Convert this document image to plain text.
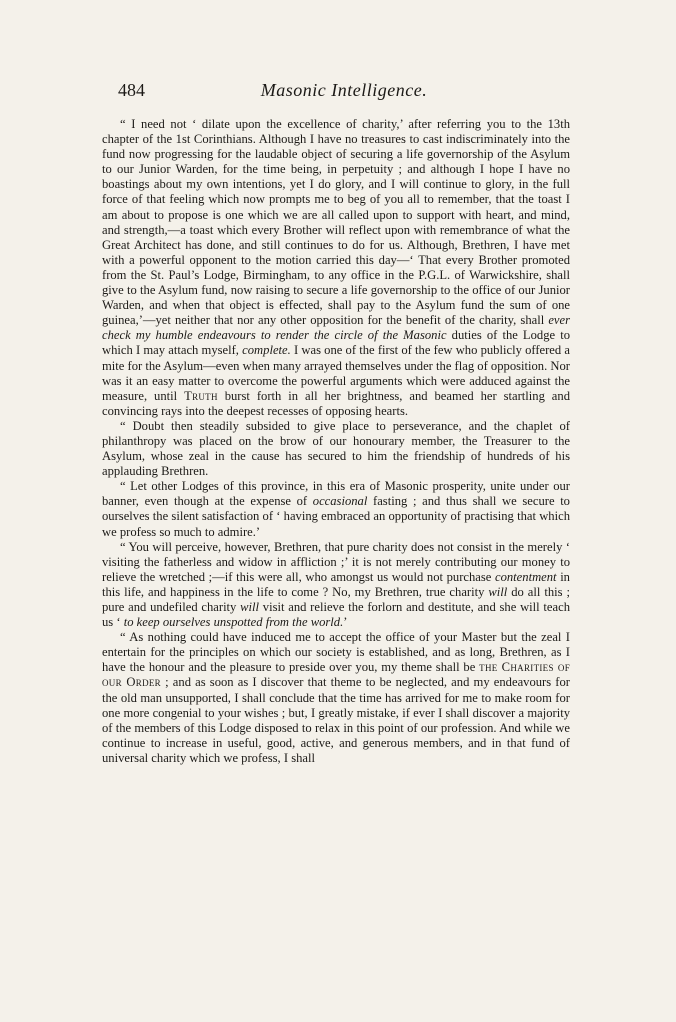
484	Masonic Intelligence.

“ I need not ‘ dilate upon the excellence of charity,’ after referring you to the 13th chapter of the 1st Corinthians. Although I have no treasures to cast indiscriminately into the fund now progressing for the laudable object of securing a life governorship of the Asylum to our Junior Warden, for the time being, in perpetuity ; and although I hope I have no boastings about my own intentions, yet I do glory, and I will continue to glory, in the full force of that feeling which now prompts me to beg of you all to remember, that the toast I am about to propose is one which we are all called upon to support with heart, and mind, and strength,—a toast which every Brother will reflect upon with remembrance of what the Great Architect has done, and still continues to do for us. Although, Brethren, I have met with a powerful opponent to the motion carried this day—‘ That every Brother promoted from the St. Paul’s Lodge, Birmingham, to any office in the P.G.L. of Warwickshire, shall give to the Asylum fund, now raising to secure a life governorship to the office of our Junior Warden, and when that object is effected, shall pay to the Asylum fund the sum of one guinea,’—yet neither that nor any other opposition for the benefit of the charity, shall ever check my humble endeavours to render the circle of the Masonic duties of the Lodge to which I may attach myself, complete. I was one of the first of the few who publicly offered a mite for the Asylum—even when many arrayed themselves under the flag of opposition. Nor was it an easy matter to overcome the powerful arguments which were adduced against the measure, until Truth burst forth in all her brightness, and beamed her startling and convincing rays into the deepest recesses of opposing hearts.

“ Doubt then steadily subsided to give place to perseverance, and the chaplet of philanthropy was placed on the brow of our honourary member, the Treasurer to the Asylum, whose zeal in the cause has secured to him the friendship of hundreds of his applauding Brethren.

“ Let other Lodges of this province, in this era of Masonic prosperity, unite under our banner, even though at the expense of occasional fasting ; and thus shall we secure to ourselves the silent satisfaction of ‘ having embraced an opportunity of practising that which we profess so much to admire.’

“ You will perceive, however, Brethren, that pure charity does not consist in the merely ‘ visiting the fatherless and widow in affliction ;’ it is not merely contributing our money to relieve the wretched ;—if this were all, who amongst us would not purchase contentment in this life, and happiness in the life to come ? No, my Brethren, true charity will do all this ; pure and undefiled charity will visit and relieve the forlorn and destitute, and she will teach us ‘ to keep ourselves unspotted from the world.’

“ As nothing could have induced me to accept the office of your Master but the zeal I entertain for the principles on which our society is established, and as long, Brethren, as I have the honour and the pleasure to preside over you, my theme shall be the Charities of our Order ; and as soon as I discover that theme to be neglected, and my endeavours for the old man unsupported, I shall conclude that the time has arrived for me to make room for one more congenial to your wishes ; but, I greatly mistake, if ever I shall discover a majority of the members of this Lodge disposed to relax in this point of our profession. And while we continue to increase in useful, good, active, and generous members, and in that fund of universal charity which we profess, I shall
